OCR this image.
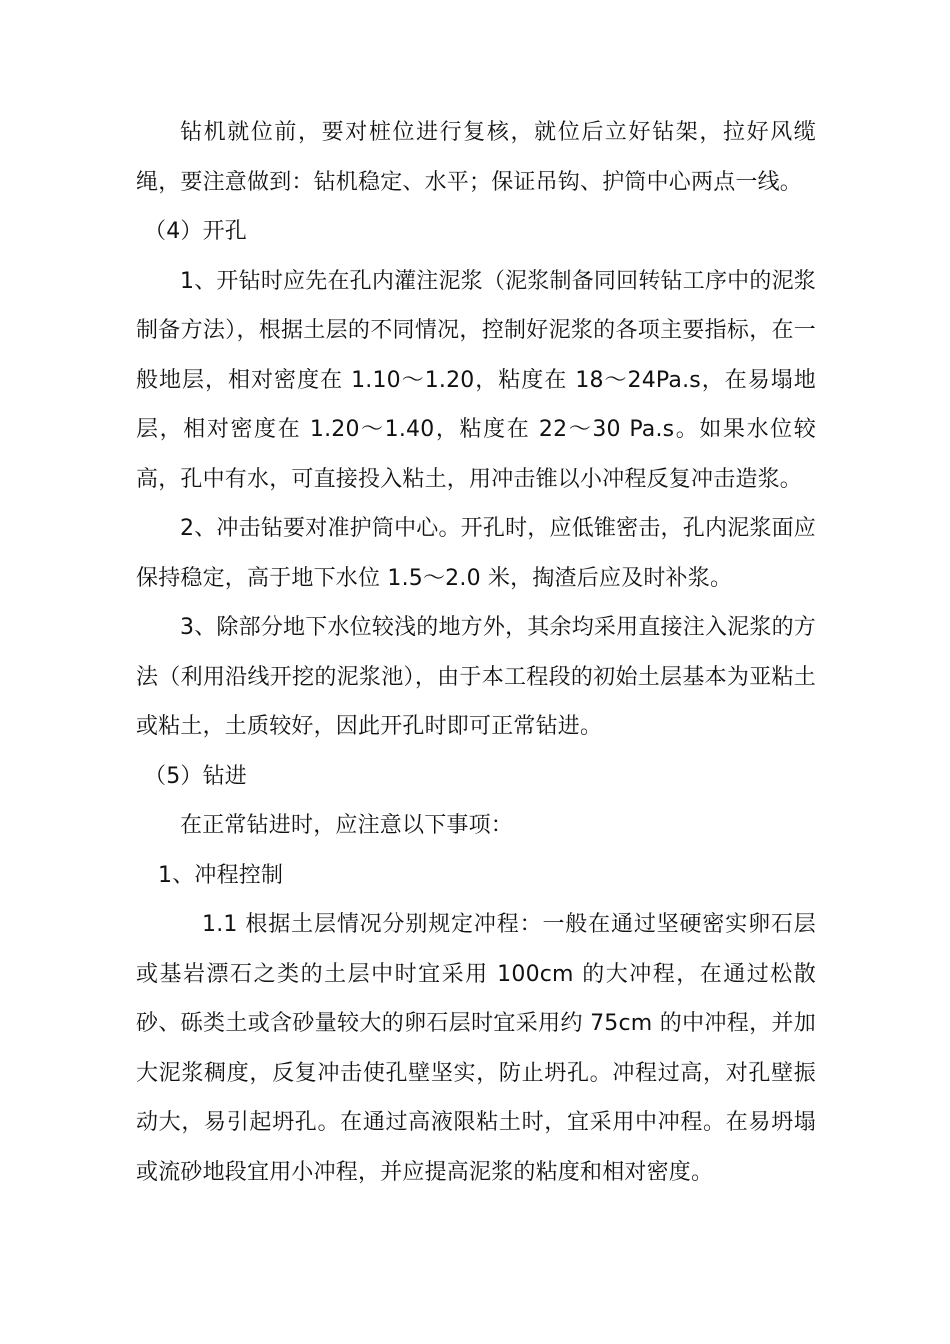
钻机就位前，要对桩位进行复核，就位后立好钻架，拉好风缆绳，要注意做到：钻机稳定、水平；保证吊钩、护筒中心两点一线。

（4）开孔

1、开钻时应先在孔内灌注泥浆（泥浆制备同回转钻工序中的泥浆制备方法），根据土层的不同情况，控制好泥浆的各项主要指标，在一般地层，相对密度在 1.10～1.20，粘度在 18～24Pa.s，在易塌地层，相对密度在 1.20～1.40，粘度在 22～30 Pa.s。如果水位较高，孔中有水，可直接投入粘土，用冲击锥以小冲程反复冲击造浆。

2、冲击钻要对准护筒中心。开孔时，应低锥密击，孔内泥浆面应保持稳定，高于地下水位 1.5～2.0 米，掏渣后应及时补浆。

3、除部分地下水位较浅的地方外，其余均采用直接注入泥浆的方法（利用沿线开挖的泥浆池），由于本工程段的初始土层基本为亚粘土或粘土，土质较好，因此开孔时即可正常钻进。

（5）钻进

在正常钻进时，应注意以下事项：

1、冲程控制

1.1 根据土层情况分别规定冲程：一般在通过坚硬密实卵石层或基岩漂石之类的土层中时宜采用 100cm 的大冲程，在通过松散砂、砾类土或含砂量较大的卵石层时宜采用约 75cm 的中冲程，并加大泥浆稠度，反复冲击使孔壁坚实，防止坍孔。冲程过高，对孔壁振动大，易引起坍孔。在通过高液限粘土时，宜采用中冲程。在易坍塌或流砂地段宜用小冲程，并应提高泥浆的粘度和相对密度。
